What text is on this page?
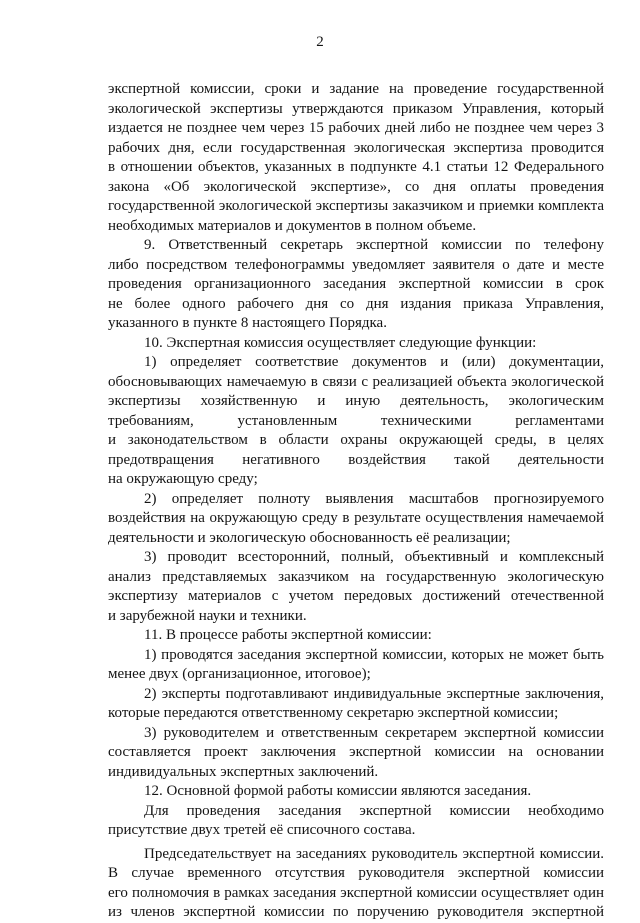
2
экспертной комиссии, сроки и задание на проведение государственной
экологической экспертизы утверждаются приказом Управления, который
издается не позднее чем через 15 рабочих дней либо не позднее чем через 3
рабочих дня, если государственная экологическая экспертиза проводится
в отношении объектов, указанных в подпункте 4.1 статьи 12 Федерального
закона «Об экологической экспертизе», со дня оплаты проведения
государственной экологической экспертизы заказчиком и приемки комплекта
необходимых материалов и документов в полном объеме.
9. Ответственный секретарь экспертной комиссии по телефону
либо посредством телефонограммы уведомляет заявителя о дате и месте
проведения организационного заседания экспертной комиссии в срок
не более одного рабочего дня со дня издания приказа Управления,
указанного в пункте 8 настоящего Порядка.
10. Экспертная комиссия осуществляет следующие функции:
1) определяет соответствие документов и (или) документации,
обосновывающих намечаемую в связи с реализацией объекта экологической
экспертизы хозяйственную и иную деятельность, экологическим
требованиям, установленным техническими регламентами
и законодательством в области охраны окружающей среды, в целях
предотвращения негативного воздействия такой деятельности
на окружающую среду;
2) определяет полноту выявления масштабов прогнозируемого
воздействия на окружающую среду в результате осуществления намечаемой
деятельности и экологическую обоснованность её реализации;
3) проводит всесторонний, полный, объективный и комплексный
анализ представляемых заказчиком на государственную экологическую
экспертизу материалов с учетом передовых достижений отечественной
и зарубежной науки и техники.
11. В процессе работы экспертной комиссии:
1) проводятся заседания экспертной комиссии, которых не может быть
менее двух (организационное, итоговое);
2) эксперты подготавливают индивидуальные экспертные заключения,
которые передаются ответственному секретарю экспертной комиссии;
3) руководителем и ответственным секретарем экспертной комиссии
составляется проект заключения экспертной комиссии на основании
индивидуальных экспертных заключений.
12. Основной формой работы комиссии являются заседания.
Для проведения заседания экспертной комиссии необходимо
присутствие двух третей её списочного состава.
Председательствует на заседаниях руководитель экспертной комиссии.
В случае временного отсутствия руководителя экспертной комиссии
его полномочия в рамках заседания экспертной комиссии осуществляет один
из членов экспертной комиссии по поручению руководителя экспертной
